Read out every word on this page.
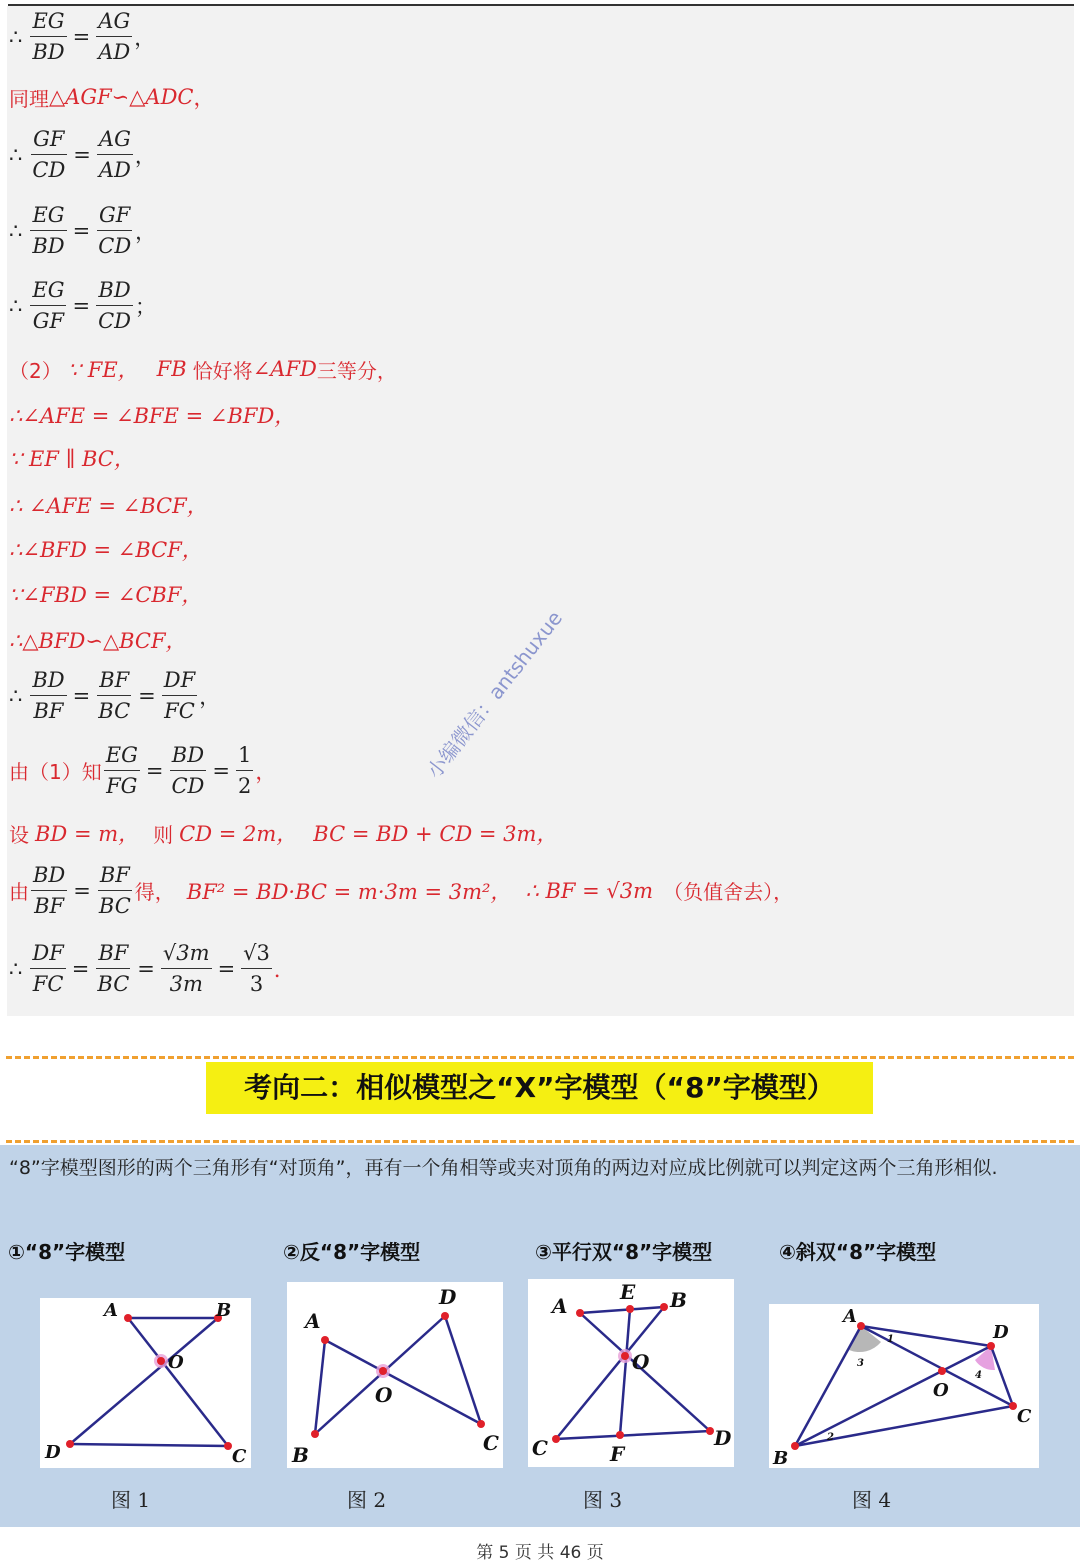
∴ $\frac{EG}{BD} = \frac{AG}{AD}$ ，
同理 △AGF∽△ADC ，
∴ $\frac{GF}{CD} = \frac{AG}{AD}$ ，
∴ $\frac{EG}{BD} = \frac{GF}{CD}$ ，
∴ $\frac{EG}{GF} = \frac{BD}{CD}$ ；
（2） ∵ FE， FB 恰好将 ∠AFD 三等分，
∴∠AFE = ∠BFE = ∠BFD，
∵ EF ∥ BC，
∴ ∠AFE = ∠BCF，
∴∠BFD = ∠BCF，
∵∠FBD = ∠CBF，
∴△BFD∽△BCF，
∴ $\frac{BD}{BF} = \frac{BF}{BC} = \frac{DF}{FC}$ ，
由（1）知 $\frac{EG}{FG} = \frac{BD}{CD} = \frac{1}{2}$ ，
设 BD = m， 则 CD = 2m， BC = BD + CD = 3m，
由 $\frac{BD}{BF} = \frac{BF}{BC}$ 得， BF² = BD·BC = m·3m = 3m²， ∴ BF = √3m （负值舍去），
∴ $\frac{DF}{FC} = \frac{BF}{BC} = \frac{√3m}{3m} = \frac{√3}{3}$ ．
小编微信：antshuxue
考向二：相似模型之“X”字模型（“8”字模型）
“8”字模型图形的两个三角形有“对顶角”，再有一个角相等或夹对顶角的两边对应成比例就可以判定这两个三角形相似.
①“8”字模型	②反“8”字模型	③平行双“8”字模型	④斜双“8”字模型
A	B
O
D	C
A
D
O
B	C
A
E B
O
C	F
D
A
D
O
C
B
1
2
3
4
图 1	图 2	图 3	图 4
第 5 页 共 46 页
